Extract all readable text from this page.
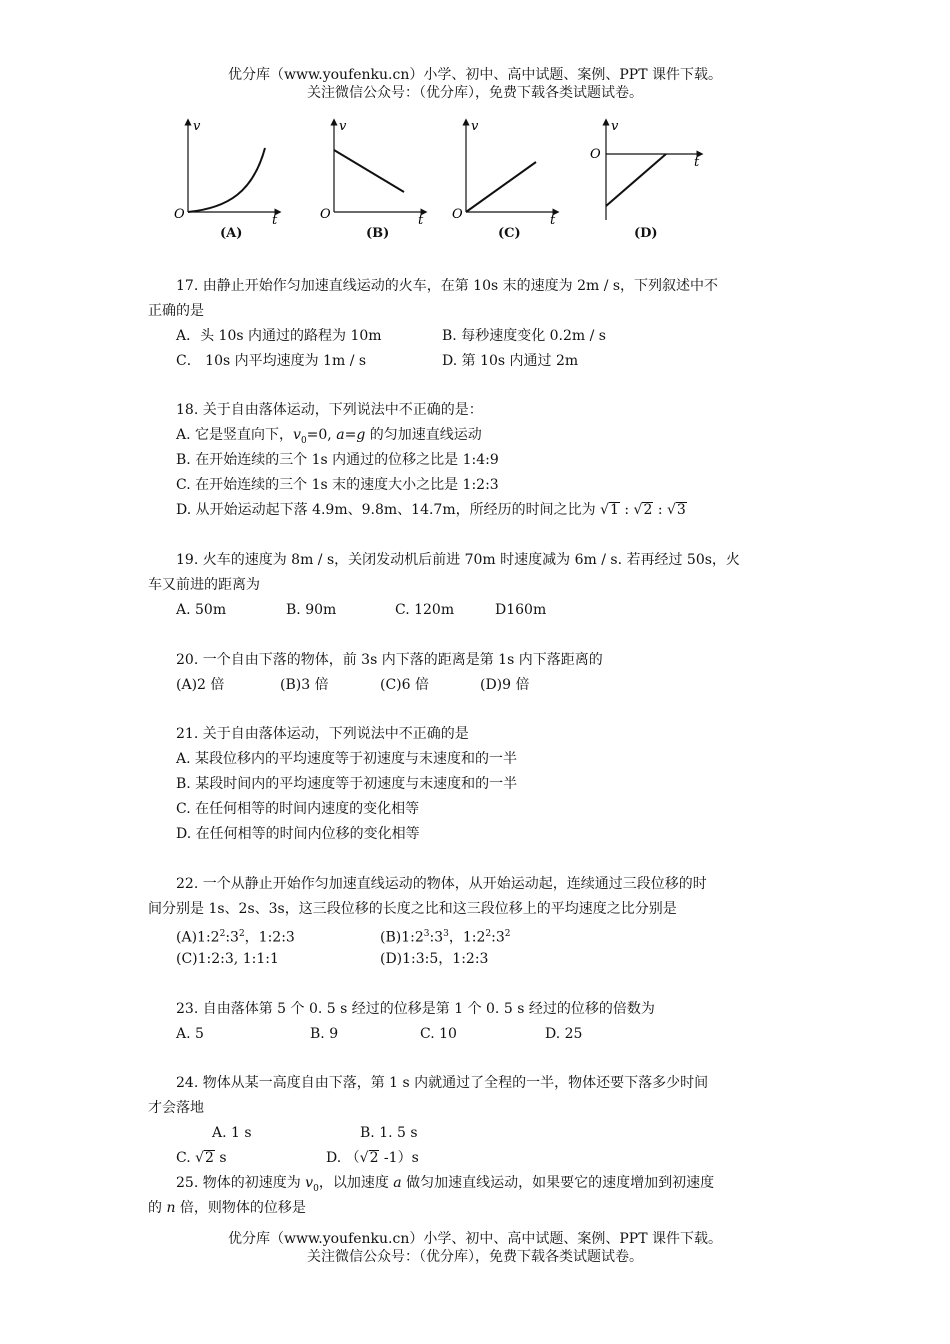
优分库（www.youfenku.cn）小学、初中、高中试题、案例、PPT 课件下载。
关注微信公众号：（优分库），免费下载各类试题试卷。
v
t
O
v
t
O
v
t
O
v
t
O
(A)	(B)	(C)	(D)
17. 由静止开始作匀加速直线运动的火车，在第 10s 末的速度为 2m / s，下列叙述中不
正确的是
A．头 10s 内通过的路程为 10m	B. 每秒速度变化 0.2m / s
C． 10s 内平均速度为 1m / s	D. 第 10s 内通过 2m
18. 关于自由落体运动，下列说法中不正确的是：
A. 它是竖直向下，$v_0=0$, a=g 的匀加速直线运动
B. 在开始连续的三个 1s 内通过的位移之比是 1:4:9
C. 在开始连续的三个 1s 末的速度大小之比是 1:2:3
D. 从开始运动起下落 4.9m、9.8m、14.7m，所经历的时间之比为 √1 : √2 : √3
19. 火车的速度为 8m / s，关闭发动机后前进 70m 时速度减为 6m / s. 若再经过 50s，火
车又前进的距离为
A. 50m	B. 90m	C. 120m	D160m
20. 一个自由下落的物体，前 3s 内下落的距离是第 1s 内下落距离的
(A)2 倍	(B)3 倍	(C)6 倍	(D)9 倍
21. 关于自由落体运动，下列说法中不正确的是
A. 某段位移内的平均速度等于初速度与末速度和的一半
B. 某段时间内的平均速度等于初速度与末速度和的一半
C. 在任何相等的时间内速度的变化相等
D. 在任何相等的时间内位移的变化相等
22. 一个从静止开始作匀加速直线运动的物体，从开始运动起，连续通过三段位移的时
间分别是 1s、2s、3s，这三段位移的长度之比和这三段位移上的平均速度之比分别是
$(A)1:2^2:3^2$，1:2:3	$(B)1:2^3:3^3$，$1:2^2:3^2$
(C)1:2:3, 1:1:1	(D)1:3:5，1:2:3
23. 自由落体第 5 个 0. 5 s 经过的位移是第 1 个 0. 5 s 经过的位移的倍数为
A. 5	B. 9	C. 10	D. 25
24. 物体从某一高度自由下落，第 1 s 内就通过了全程的一半，物体还要下落多少时间
才会落地
A. 1 s	B. 1. 5 s
C. √2 s	D. （√2 -1）s
25. 物体的初速度为 $v_0$，以加速度 a 做匀加速直线运动，如果要它的速度增加到初速度
的 n 倍，则物体的位移是
优分库（www.youfenku.cn）小学、初中、高中试题、案例、PPT 课件下载。
关注微信公众号：（优分库），免费下载各类试题试卷。
